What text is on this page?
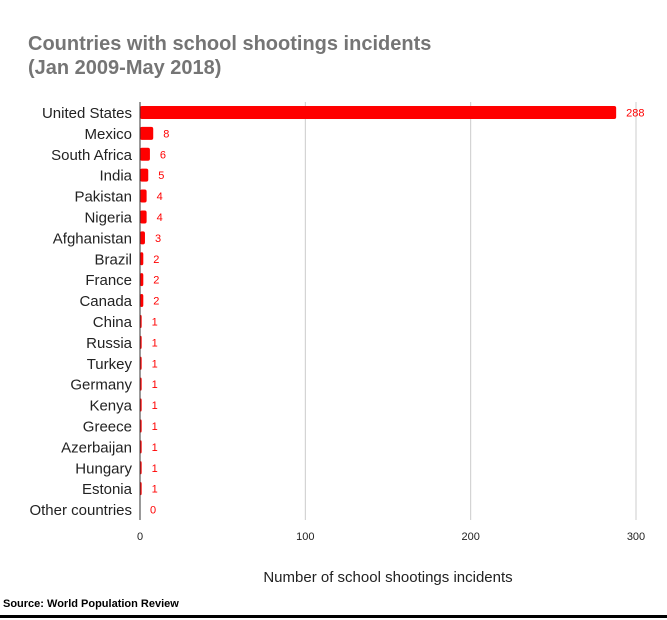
Countries with school shootings incidents
(Jan 2009-May 2018)
United States
Mexico
South Africa
India
Pakistan
Nigeria
Afghanistan
Brazil
France
Canada
China
Russia
Turkey
Germany
Kenya
Greece
Azerbaijan
Hungary
Estonia
Other countries
288
8
6
5
4
4
3
2
2
2
1
1
1
1
1
1
1
1
1
0
0	100	200	300
Number of school shootings incidents
Source: World Population Review
